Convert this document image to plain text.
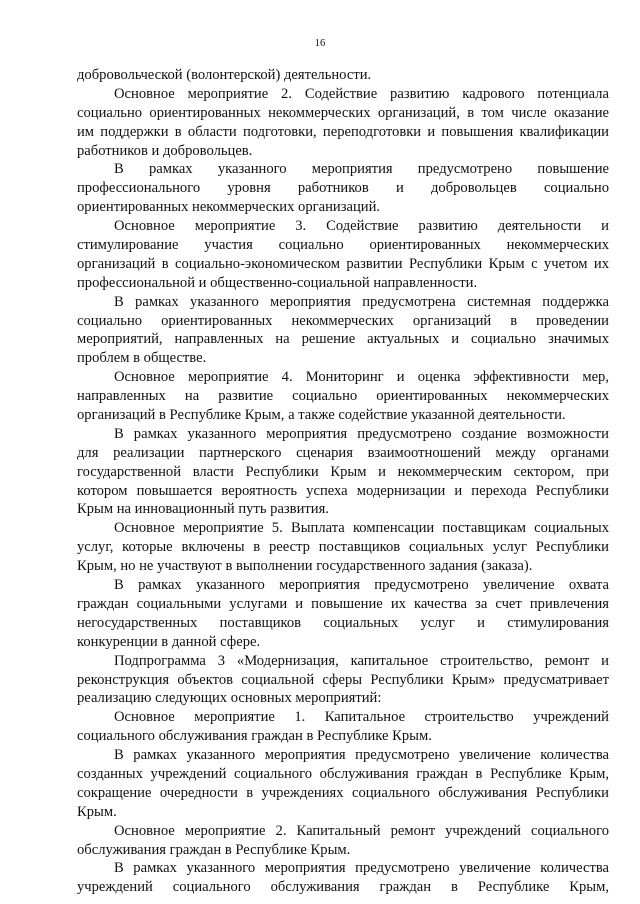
16
добровольческой (волонтерской) деятельности.
Основное мероприятие 2. Содействие развитию кадрового потенциала
социально ориентированных некоммерческих организаций, в том числе оказание
им поддержки в области подготовки, переподготовки и повышения квалификации
работников и добровольцев.
В рамках указанного мероприятия предусмотрено повышение
профессионального уровня работников и добровольцев социально
ориентированных некоммерческих организаций.
Основное мероприятие 3. Содействие развитию деятельности и
стимулирование участия социально ориентированных некоммерческих
организаций в социально-экономическом развитии Республики Крым с учетом их
профессиональной и общественно-социальной направленности.
В рамках указанного мероприятия предусмотрена системная поддержка
социально ориентированных некоммерческих организаций в проведении
мероприятий, направленных на решение актуальных и социально значимых
проблем в обществе.
Основное мероприятие 4. Мониторинг и оценка эффективности мер,
направленных на развитие социально ориентированных некоммерческих
организаций в Республике Крым, а также содействие указанной деятельности.
В рамках указанного мероприятия предусмотрено создание возможности
для реализации партнерского сценария взаимоотношений между органами
государственной власти Республики Крым и некоммерческим сектором, при
котором повышается вероятность успеха модернизации и перехода Республики
Крым на инновационный путь развития.
Основное мероприятие 5. Выплата компенсации поставщикам социальных
услуг, которые включены в реестр поставщиков социальных услуг Республики
Крым, но не участвуют в выполнении государственного задания (заказа).
В рамках указанного мероприятия предусмотрено увеличение охвата
граждан социальными услугами и повышение их качества за счет привлечения
негосударственных поставщиков социальных услуг и стимулирования
конкуренции в данной сфере.
Подпрограмма 3 «Модернизация, капитальное строительство, ремонт и
реконструкция объектов социальной сферы Республики Крым» предусматривает
реализацию следующих основных мероприятий:
Основное мероприятие 1. Капитальное строительство учреждений
социального обслуживания граждан в Республике Крым.
В рамках указанного мероприятия предусмотрено увеличение количества
созданных учреждений социального обслуживания граждан в Республике Крым,
сокращение очередности в учреждениях социального обслуживания Республики
Крым.
Основное мероприятие 2. Капитальный ремонт учреждений социального
обслуживания граждан в Республике Крым.
В рамках указанного мероприятия предусмотрено увеличение количества
учреждений социального обслуживания граждан в Республике Крым,
